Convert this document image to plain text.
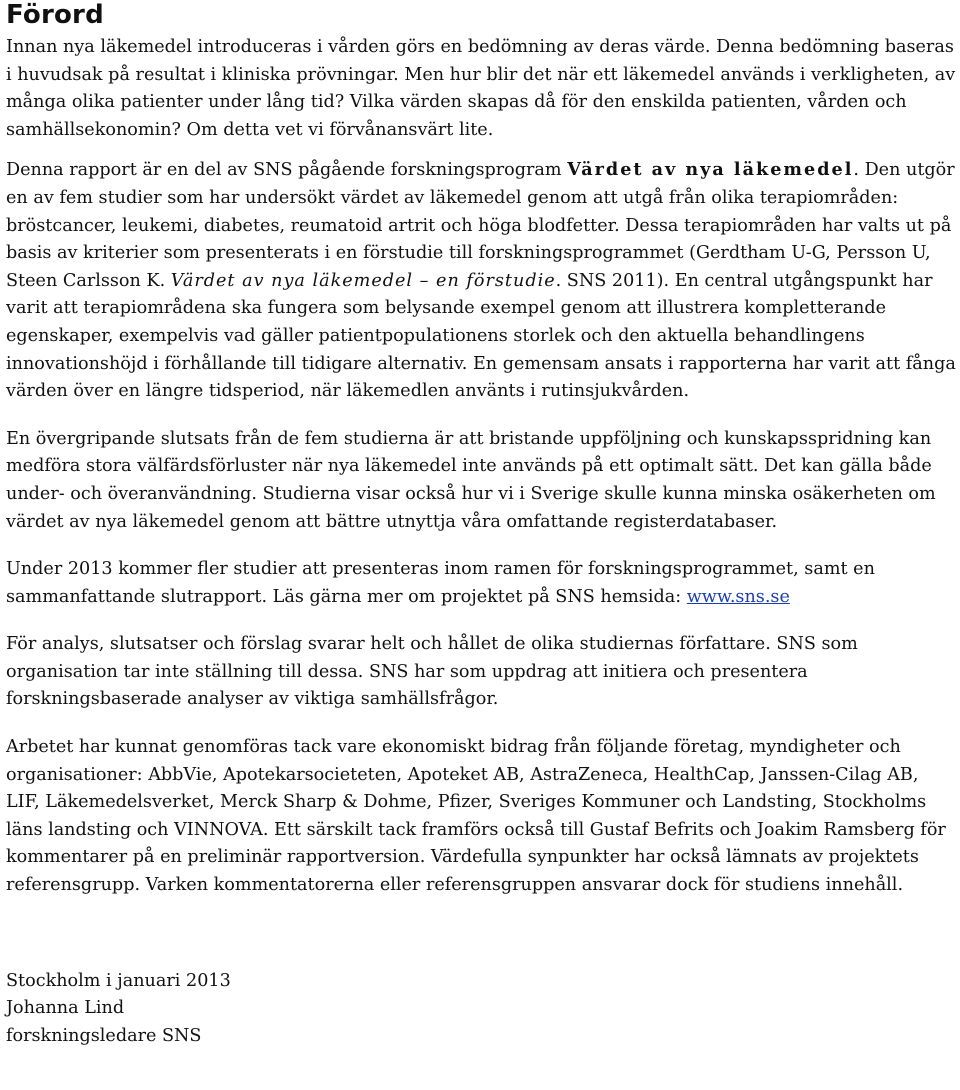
Förord

Innan nya läkemedel introduceras i vården görs en bedömning av deras värde. Denna bedömning baseras i huvudsak på resultat i kliniska prövningar. Men hur blir det när ett läkemedel används i verkligheten, av många olika patienter under lång tid? Vilka värden skapas då för den enskilda patienten, vården och samhällsekonomin? Om detta vet vi förvånansvärt lite.

Denna rapport är en del av SNS pågående forskningsprogram Värdet av nya läkemedel. Den utgör en av fem studier som har undersökt värdet av läkemedel genom att utgå från olika terapiområden: bröstcancer, leukemi, diabetes, reumatoid artrit och höga blodfetter. Dessa terapiområden har valts ut på basis av kriterier som presenterats i en förstudie till forskningsprogrammet (Gerdtham U-G, Persson U, Steen Carlsson K. Värdet av nya läkemedel – en förstudie. SNS 2011). En central utgångspunkt har varit att terapiområdena ska fungera som belysande exempel genom att illustrera kompletterande egenskaper, exempelvis vad gäller patientpopulationens storlek och den aktuella behandlingens innovationshöjd i förhållande till tidigare alternativ. En gemensam ansats i rapporterna har varit att fånga värden över en längre tidsperiod, när läkemedlen använts i rutinsjukvården.

En övergripande slutsats från de fem studierna är att bristande uppföljning och kunskapsspridning kan medföra stora välfärdsförluster när nya läkemedel inte används på ett optimalt sätt. Det kan gälla både under- och överanvändning. Studierna visar också hur vi i Sverige skulle kunna minska osäkerheten om värdet av nya läkemedel genom att bättre utnyttja våra omfattande registerdatabaser.

Under 2013 kommer fler studier att presenteras inom ramen för forskningsprogrammet, samt en sammanfattande slutrapport. Läs gärna mer om projektet på SNS hemsida: www.sns.se

För analys, slutsatser och förslag svarar helt och hållet de olika studiernas författare. SNS som organisation tar inte ställning till dessa. SNS har som uppdrag att initiera och presentera forskningsbaserade analyser av viktiga samhällsfrågor.

Arbetet har kunnat genomföras tack vare ekonomiskt bidrag från följande företag, myndigheter och organisationer: AbbVie, Apotekarsocieteten, Apoteket AB, AstraZeneca, HealthCap, Janssen-Cilag AB, LIF, Läkemedelsverket, Merck Sharp & Dohme, Pfizer, Sveriges Kommuner och Landsting, Stockholms läns landsting och VINNOVA. Ett särskilt tack framförs också till Gustaf Befrits och Joakim Ramsberg för kommentarer på en preliminär rapportversion. Värdefulla synpunkter har också lämnats av projektets referensgrupp. Varken kommentatorerna eller referensgruppen ansvarar dock för studiens innehåll.

Stockholm i januari 2013
Johanna Lind
forskningsledare SNS
